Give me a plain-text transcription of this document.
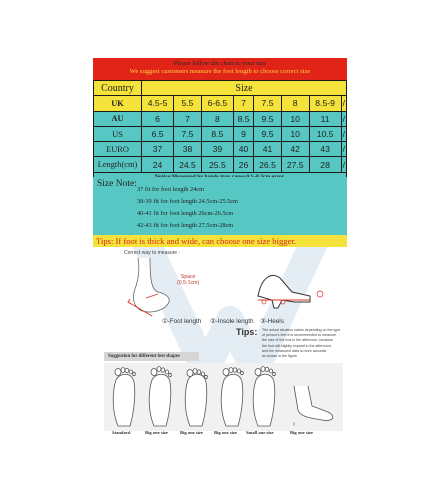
Please follow the chart to your size
We suggest customers measure the foot length to choose correct size
Country	Size							
UK	4.5-5	5.5	6-6.5	7	7.5	8	8.5-9	/
AU	6	7	8	8.5	9.5	10	11	/
US	6.5	7.5	8.5	9	9.5	10	10.5	/
EURO	37	38	39	40	41	42	43	/
Length(cm)	24	24.5	25.5	26	26.5	27.5	28	/

Size Note:
37 fit for foot length 24cm
38-39 fit for foot length 24.5cm-25.5cm
40-41 fit for foot length 26cm-26.5cm
42-43 fit for foot length 27.5cm-28cm
Tips: If foot is thick and wide, can choose one size bigger.
Correct way to measure :
Space
(0.5-1cm)
①-Foot length ②-Insole length ③-Heels
Tips: The actual situation varies depending on the type
of person's feet.It is recommended to measure
the size of the foot in the afternoon, because
the foot will slightly expand in the afternoon,
and the measured data is more accurate
as shown in the figure
Suggestion for different feet shapes
Standard	Big one size	Big one size Big one size Small one size	Big one size
